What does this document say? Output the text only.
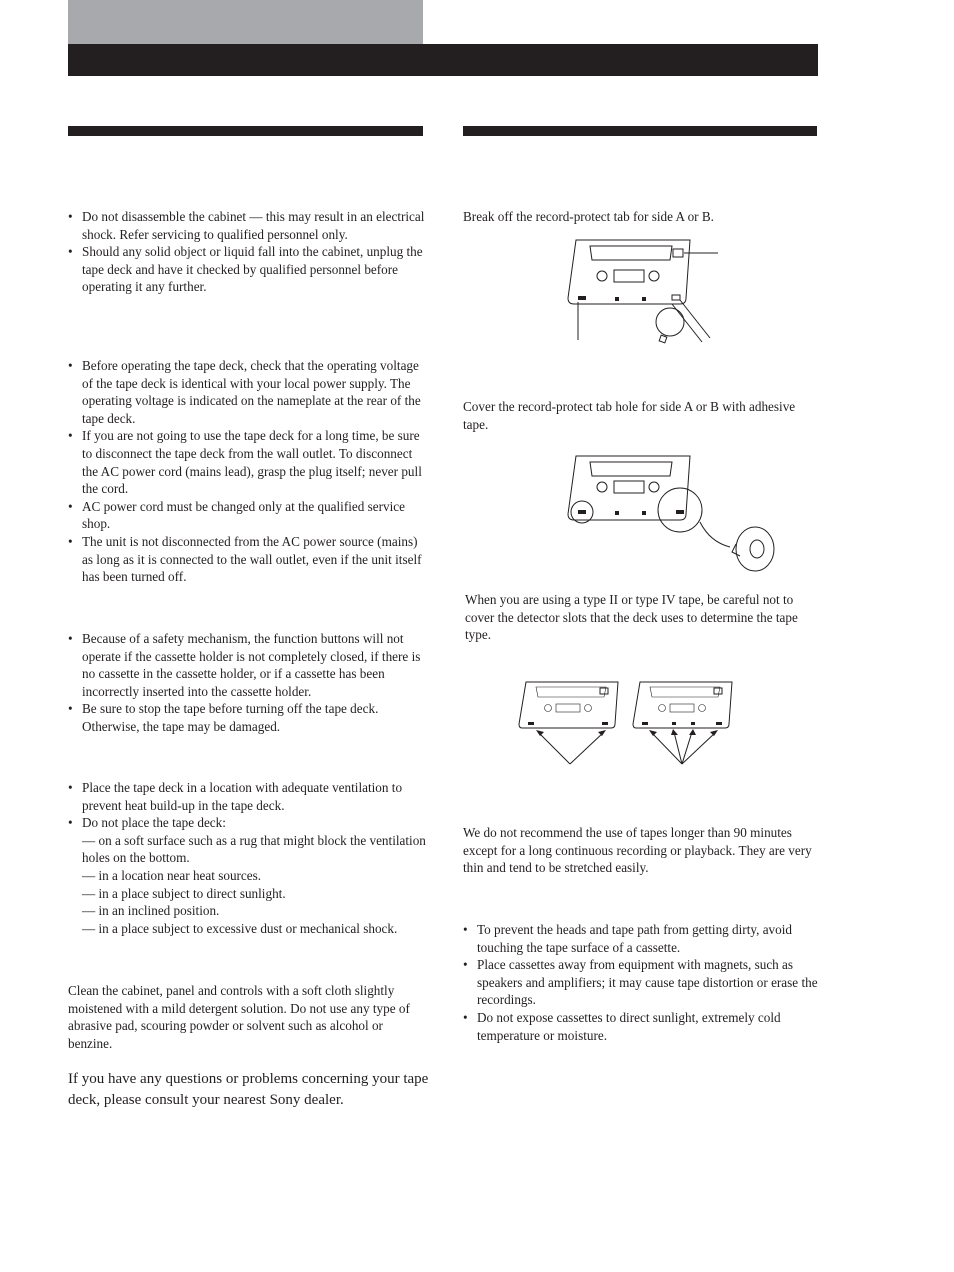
• Do not disassemble the cabinet — this may result in an electrical shock. Refer servicing to qualified personnel only.
• Should any solid object or liquid fall into the cabinet, unplug the tape deck and have it checked by qualified personnel before operating it any further.
• Before operating the tape deck, check that the operating voltage of the tape deck is identical with your local power supply. The operating voltage is indicated on the nameplate at the rear of the tape deck.
• If you are not going to use the tape deck for a long time, be sure to disconnect the tape deck from the wall outlet. To disconnect the AC power cord (mains lead), grasp the plug itself; never pull the cord.
• AC power cord must be changed only at the qualified service shop.
• The unit is not disconnected from the AC power source (mains) as long as it is connected to the wall outlet, even if the unit itself has been turned off.
• Because of a safety mechanism, the function buttons will not operate if the cassette holder is not completely closed, if there is no cassette in the cassette holder, or if a cassette has been incorrectly inserted into the cassette holder.
• Be sure to stop the tape before turning off the tape deck. Otherwise, the tape may be damaged.
• Place the tape deck in a location with adequate ventilation to prevent heat build-up in the tape deck.
• Do not place the tape deck:
— on a soft surface such as a rug that might block the ventilation holes on the bottom.
— in a location near heat sources.
— in a place subject to direct sunlight.
— in an inclined position.
— in a place subject to excessive dust or mechanical shock.

Clean the cabinet, panel and controls with a soft cloth slightly moistened with a mild detergent solution. Do not use any type of abrasive pad, scouring powder or solvent such as alcohol or benzine.

If you have any questions or problems concerning your tape deck, please consult your nearest Sony dealer.

Break off the record-protect tab for side A or B.

Cover the record-protect tab hole for side A or B with adhesive tape.

When you are using a type II or type IV tape, be careful not to cover the detector slots that the deck uses to determine the tape type.

We do not recommend the use of tapes longer than 90 minutes except for a long continuous recording or playback. They are very thin and tend to be stretched easily.

• To prevent the heads and tape path from getting dirty, avoid touching the tape surface of a cassette.
• Place cassettes away from equipment with magnets, such as speakers and amplifiers; it may cause tape distortion or erase the recordings.
• Do not expose cassettes to direct sunlight, extremely cold temperature or moisture.
